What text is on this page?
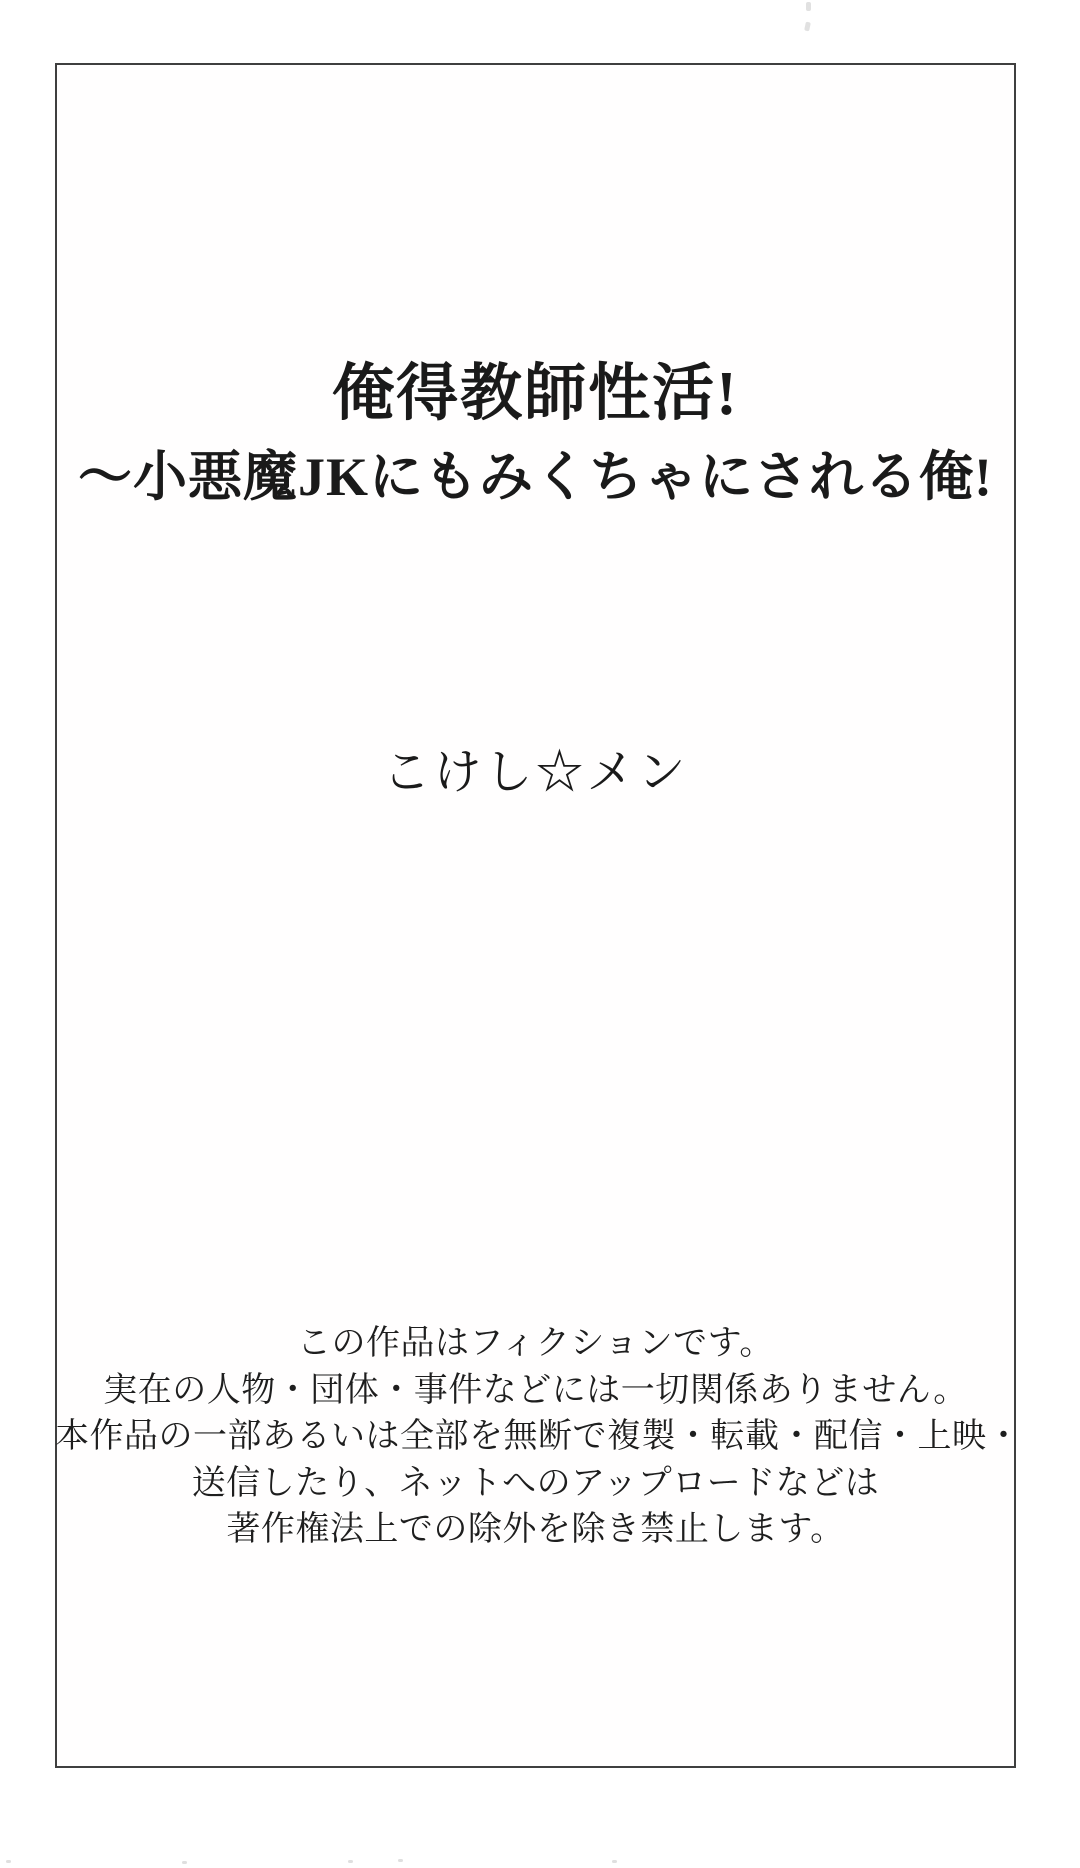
俺得教師性活!
～小悪魔JKにもみくちゃにされる俺!
こけし☆メン
この作品はフィクションです。
実在の人物・団体・事件などには一切関係ありません。
本作品の一部あるいは全部を無断で複製・転載・配信・上映・
送信したり、ネットへのアップロードなどは
著作権法上での除外を除き禁止します。
